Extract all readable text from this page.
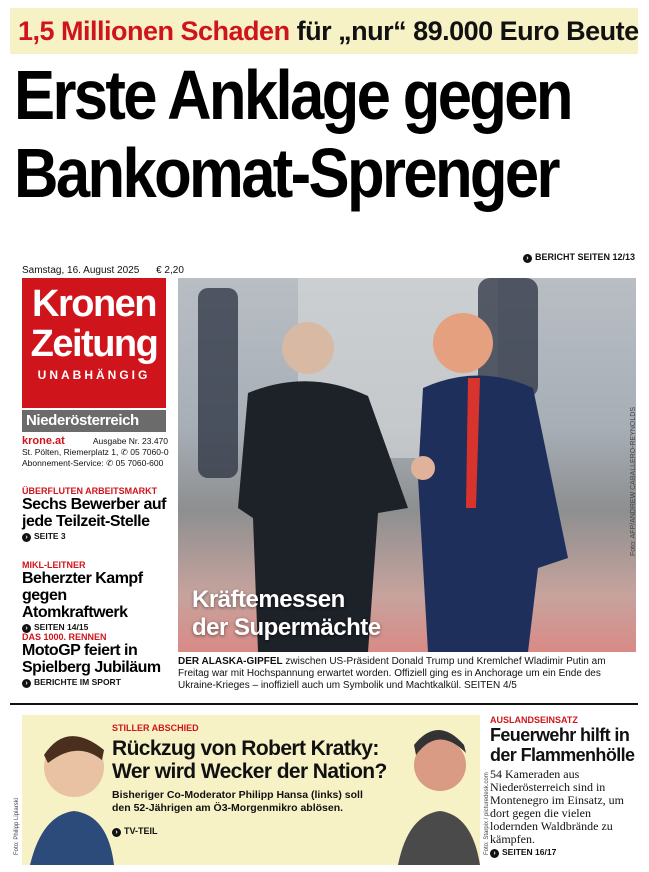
1,5 Millionen Schaden für „nur“ 89.000 Euro Beute
Erste Anklage gegen
Bankomat-Sprenger
› BERICHT SEITEN 12/13
Samstag, 16. August 2025 € 2,20
Kronen
Zeitung
UNABHÄNGIG
Niederösterreich
krone.at	Ausgabe Nr. 23.470
St. Pölten, Riemerplatz 1, ✆ 05 7060-0
Abonnement-Service: ✆ 05 7060-600
ÜBERFLUTEN ARBEITSMARKT
Sechs Bewerber auf jede Teilzeit-Stelle
› SEITE 3
MIKL-LEITNER
Beherzter Kampf gegen Atomkraftwerk
› SEITEN 14/15
DAS 1000. RENNEN
MotoGP feiert in Spielberg Jubiläum
› BERICHTE IM SPORT
Foto: AFP/ANDREW CABALLERO-REYNOLDS
Kräftemessen
der Supermächte
DER ALASKA-GIPFEL zwischen US-Präsident Donald Trump und Kremlchef Wladimir Putin am Freitag war mit Hochspannung erwartet worden. Offiziell ging es in Anchorage um ein Ende des Ukraine-Krieges – inoffiziell auch um Symbolik und Machtkalkül. SEITEN 4/5
Foto: Philipp Lipiarski
STILLER ABSCHIED
Rückzug von Robert Kratky: Wer wird Wecker der Nation?
Bisheriger Co-Moderator Philipp Hansa (links) soll den 52-Jährigen am Ö3-Morgenmikro ablösen.
› TV-TEIL	Foto: Starpix / picturedesk.com
AUSLANDSEINSATZ
Feuerwehr hilft in der Flammenhölle
54 Kameraden aus Niederösterreich sind in Montenegro im Einsatz, um dort gegen die vielen lodernden Waldbrände zu kämpfen.
› SEITEN 16/17
